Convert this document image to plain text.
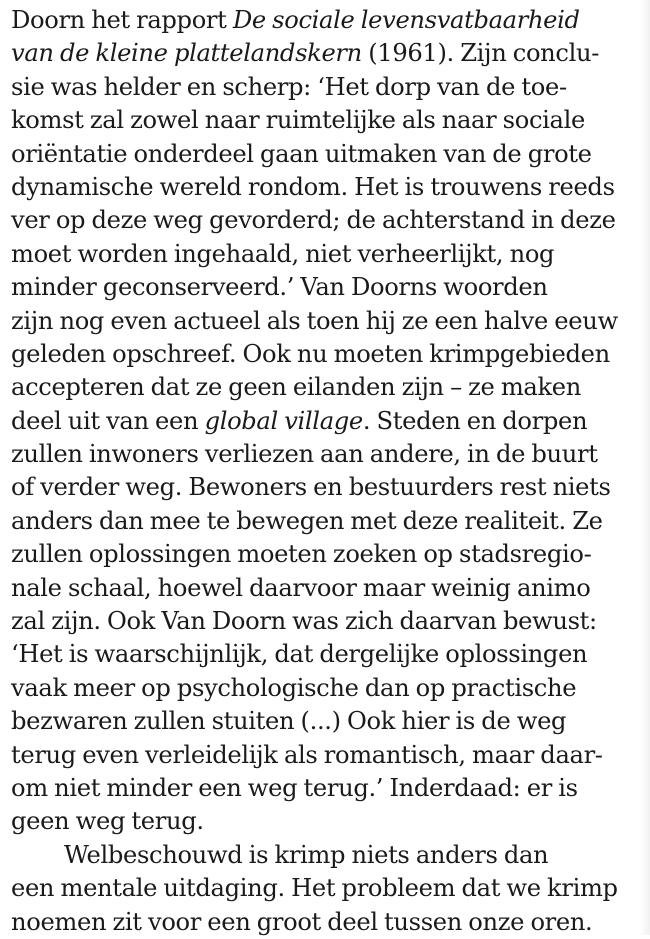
Doorn het rapport De sociale levensvatbaarheid
van de kleine plattelandskern (1961). Zijn conclu-
sie was helder en scherp: ‘Het dorp van de toe-
komst zal zowel naar ruimtelijke als naar sociale
oriëntatie onderdeel gaan uitmaken van de grote
dynamische wereld rondom. Het is trouwens reeds
ver op deze weg gevorderd; de achterstand in deze
moet worden ingehaald, niet verheerlijkt, nog
minder geconserveerd.’ Van Doorns woorden
zijn nog even actueel als toen hij ze een halve eeuw
geleden opschreef. Ook nu moeten krimpgebieden
accepteren dat ze geen eilanden zijn – ze maken
deel uit van een global village. Steden en dorpen
zullen inwoners verliezen aan andere, in de buurt
of verder weg. Bewoners en bestuurders rest niets
anders dan mee te bewegen met deze realiteit. Ze
zullen oplossingen moeten zoeken op stadsregio-
nale schaal, hoewel daarvoor maar weinig animo
zal zijn. Ook Van Doorn was zich daarvan bewust:
‘Het is waarschijnlijk, dat dergelijke oplossingen
vaak meer op psychologische dan op practische
bezwaren zullen stuiten (...) Ook hier is de weg
terug even verleidelijk als romantisch, maar daar-
om niet minder een weg terug.’ Inderdaad: er is
geen weg terug.
Welbeschouwd is krimp niets anders dan
een mentale uitdaging. Het probleem dat we krimp
noemen zit voor een groot deel tussen onze oren.
